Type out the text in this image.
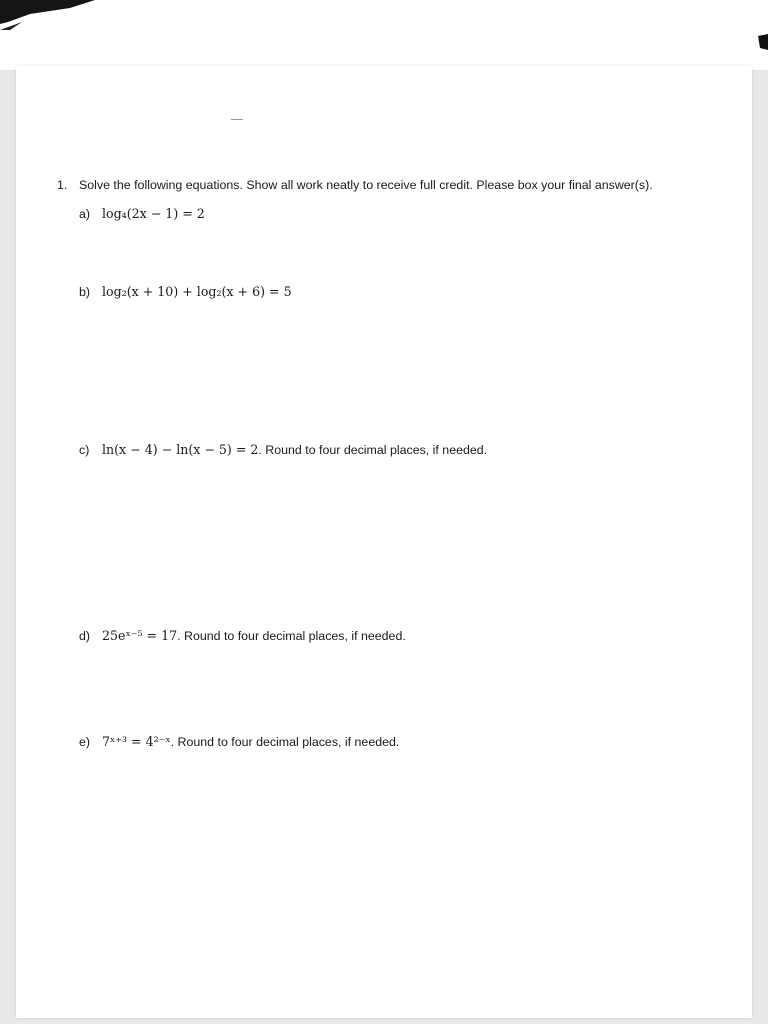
1. Solve the following equations. Show all work neatly to receive full credit. Please box your final answer(s).
a) log₄(2x − 1) = 2
b) log₂(x + 10) + log₂(x + 6) = 5
c)	ln(x − 4) − ln(x − 5) = 2 . Round to four decimal places, if needed.
d) 25eˣ⁻⁵ = 17 . Round to four decimal places, if needed.
e) 7ˣ⁺³ = 4²⁻ˣ . Round to four decimal places, if needed.
